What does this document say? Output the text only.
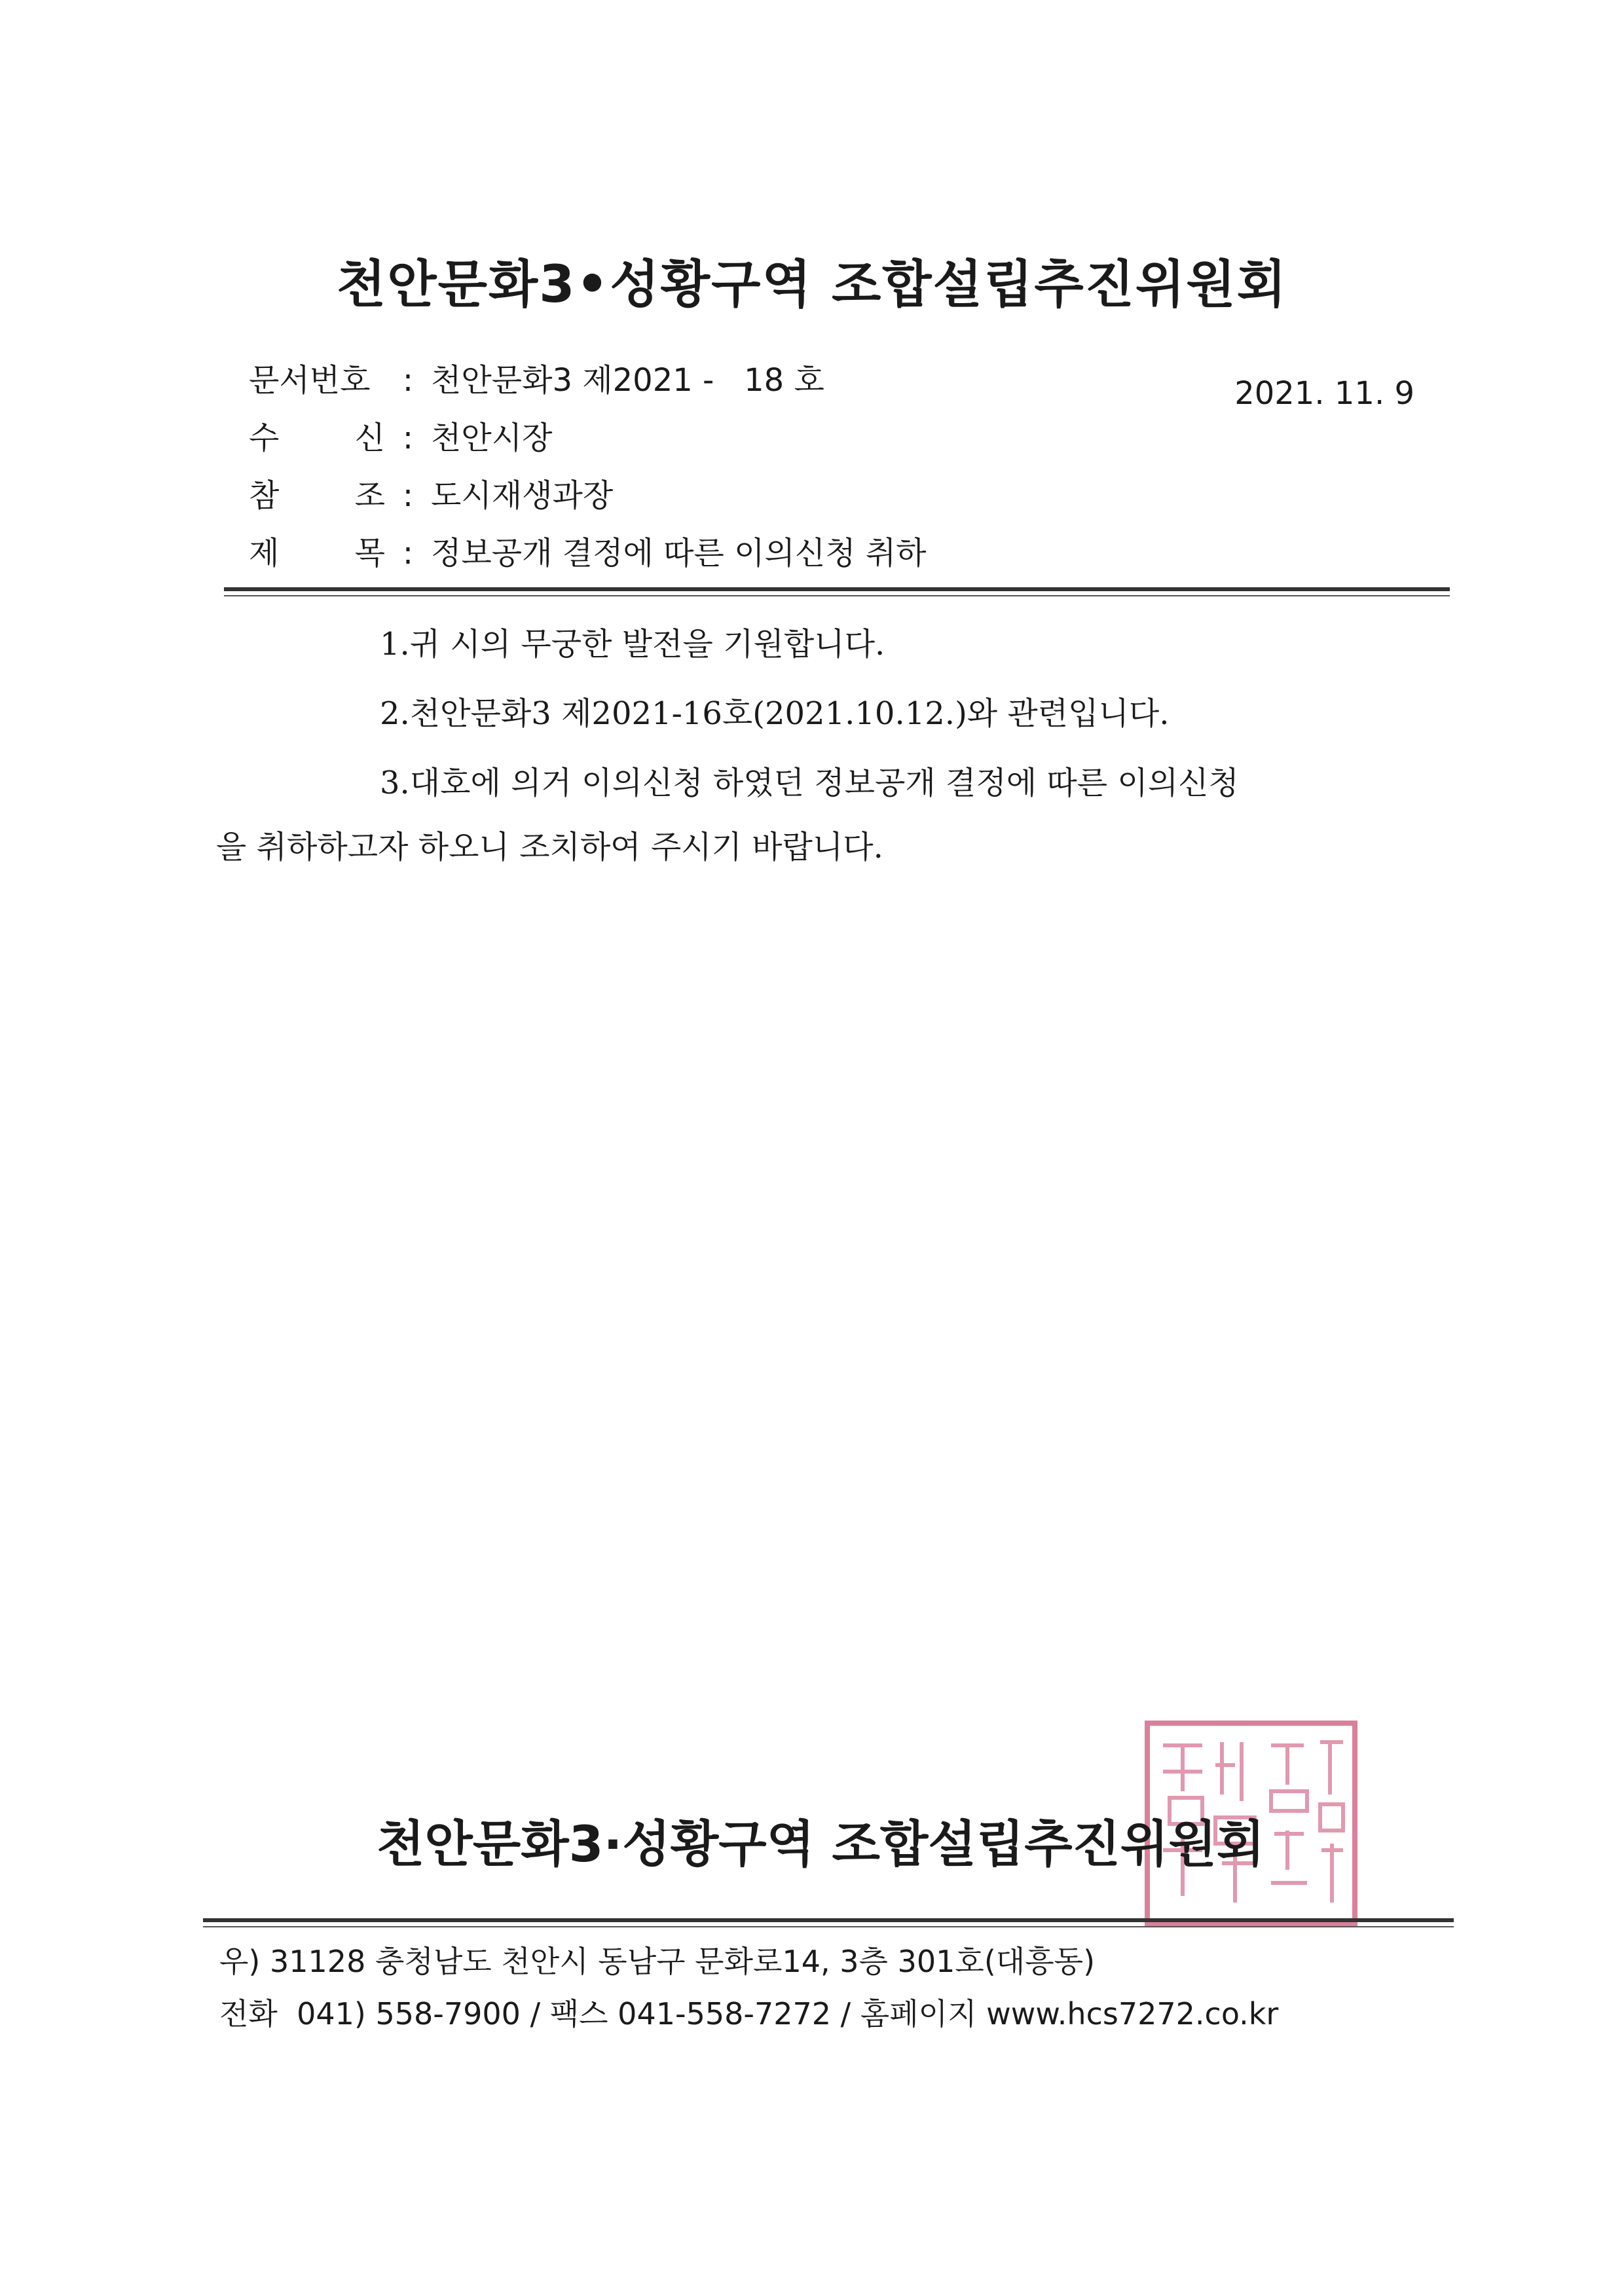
천안문화3•성황구역 조합설립추진위원회
문서번호 : 천안문화3 제2021 -   18 호	2021. 11. 9
수 신 : 천안시장
참 조 : 도시재생과장
제 목 : 정보공개 결정에 따른 이의신청 취하
1.귀 시의 무궁한 발전을 기원합니다.
2.천안문화3 제2021-16호(2021.10.12.)와 관련입니다.
3.대호에 의거 이의신청 하였던 정보공개 결정에 따른 이의신청
을 취하하고자 하오니 조치하여 주시기 바랍니다.
천안문화3·성황구역 조합설립추진위원회
우) 31128 충청남도 천안시 동남구 문화로14, 3층 301호(대흥동)
전화  041) 558-7900 / 팩스 041-558-7272 / 홈페이지 www.hcs7272.co.kr
